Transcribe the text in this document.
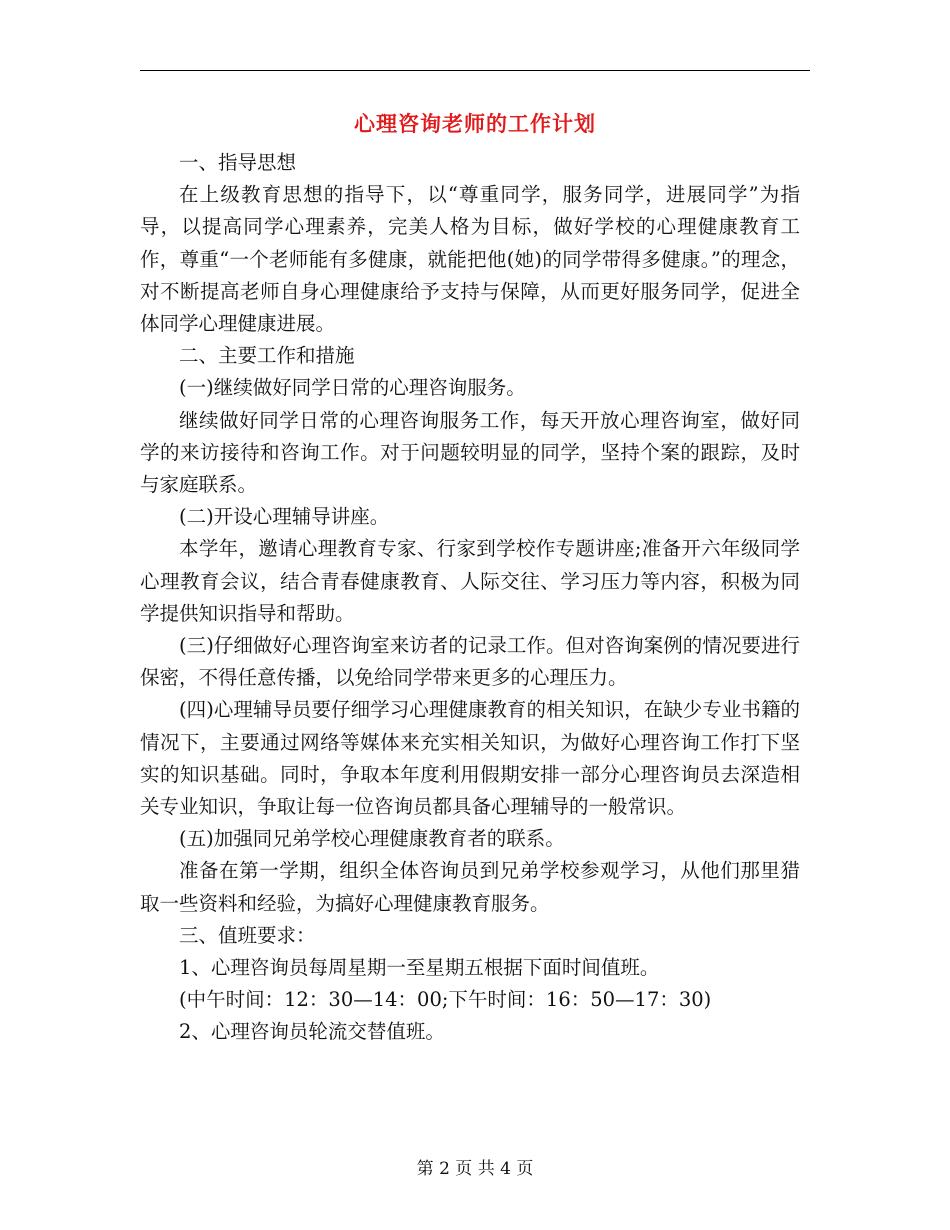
心理咨询老师的工作计划

一、指导思想

在上级教育思想的指导下，以“尊重同学，服务同学，进展同学”为指导，以提高同学心理素养，完美人格为目标，做好学校的心理健康教育工作，尊重“一个老师能有多健康，就能把他(她)的同学带得多健康。”的理念，对不断提高老师自身心理健康给予支持与保障，从而更好服务同学，促进全体同学心理健康进展。

二、主要工作和措施

(一)继续做好同学日常的心理咨询服务。

继续做好同学日常的心理咨询服务工作，每天开放心理咨询室，做好同学的来访接待和咨询工作。对于问题较明显的同学，坚持个案的跟踪，及时与家庭联系。

(二)开设心理辅导讲座。

本学年，邀请心理教育专家、行家到学校作专题讲座;准备开六年级同学心理教育会议，结合青春健康教育、人际交往、学习压力等内容，积极为同学提供知识指导和帮助。

(三)仔细做好心理咨询室来访者的记录工作。但对咨询案例的情况要进行保密，不得任意传播，以免给同学带来更多的心理压力。

(四)心理辅导员要仔细学习心理健康教育的相关知识，在缺少专业书籍的情况下，主要通过网络等媒体来充实相关知识，为做好心理咨询工作打下坚实的知识基础。同时，争取本年度利用假期安排一部分心理咨询员去深造相关专业知识，争取让每一位咨询员都具备心理辅导的一般常识。

(五)加强同兄弟学校心理健康教育者的联系。

准备在第一学期，组织全体咨询员到兄弟学校参观学习，从他们那里猎取一些资料和经验，为搞好心理健康教育服务。

三、值班要求：

1、心理咨询员每周星期一至星期五根据下面时间值班。

(中午时间：12：30—14：00;下午时间：16：50—17：30)

2、心理咨询员轮流交替值班。

第 2 页 共 4 页
